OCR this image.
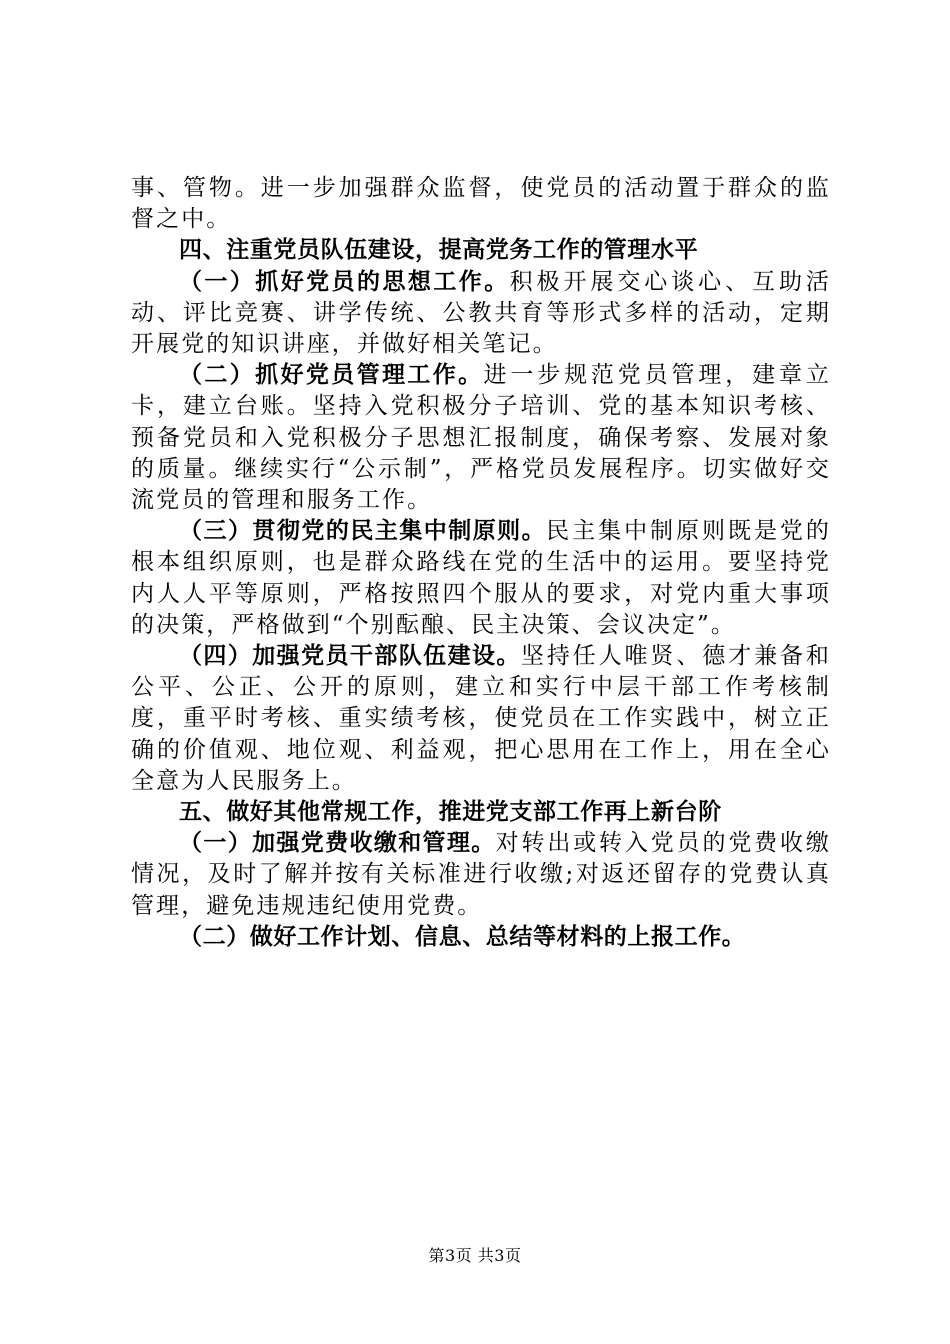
事、管物。进一步加强群众监督，使党员的活动置于群众的监督之中。

四、注重党员队伍建设，提高党务工作的管理水平

（一）抓好党员的思想工作。积极开展交心谈心、互助活动、评比竞赛、讲学传统、公教共育等形式多样的活动，定期开展党的知识讲座，并做好相关笔记。

（二）抓好党员管理工作。进一步规范党员管理，建章立卡，建立台账。坚持入党积极分子培训、党的基本知识考核、预备党员和入党积极分子思想汇报制度，确保考察、发展对象的质量。继续实行“公示制”，严格党员发展程序。切实做好交流党员的管理和服务工作。

（三）贯彻党的民主集中制原则。民主集中制原则既是党的根本组织原则，也是群众路线在党的生活中的运用。要坚持党内人人平等原则，严格按照四个服从的要求，对党内重大事项的决策，严格做到“个别酝酿、民主决策、会议决定”。

（四）加强党员干部队伍建设。坚持任人唯贤、德才兼备和公平、公正、公开的原则，建立和实行中层干部工作考核制度，重平时考核、重实绩考核，使党员在工作实践中，树立正确的价值观、地位观、利益观，把心思用在工作上，用在全心全意为人民服务上。

五、做好其他常规工作，推进党支部工作再上新台阶

（一）加强党费收缴和管理。对转出或转入党员的党费收缴情况，及时了解并按有关标准进行收缴;对返还留存的党费认真管理，避免违规违纪使用党费。

（二）做好工作计划、信息、总结等材料的上报工作。

第3页 共3页
